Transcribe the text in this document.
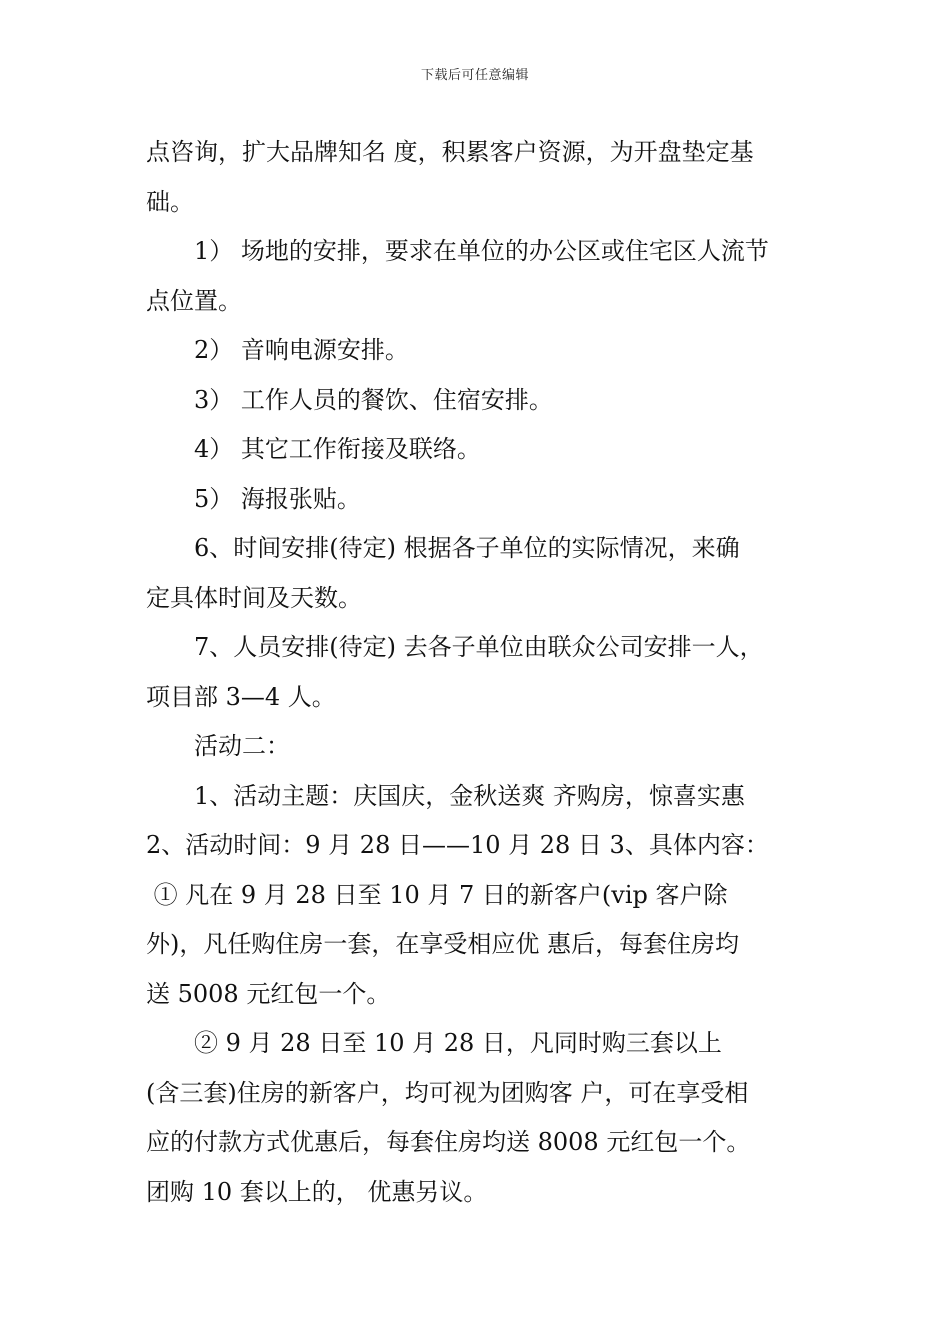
下载后可任意编辑
点咨询，扩大品牌知名 度，积累客户资源，为开盘垫定基
础。
1） 场地的安排，要求在单位的办公区或住宅区人流节
点位置。
2） 音响电源安排。
3） 工作人员的餐饮、住宿安排。
4） 其它工作衔接及联络。
5） 海报张贴。
6、时间安排(待定) 根据各子单位的实际情况，来确
定具体时间及天数。
7、人员安排(待定) 去各子单位由联众公司安排一人，
项目部 3—4 人。
活动二：
1、活动主题：庆国庆，金秋送爽 齐购房，惊喜实惠
2、活动时间：9 月 28 日——10 月 28 日 3、具体内容：
① 凡在 9 月 28 日至 10 月 7 日的新客户(vip 客户除
外)，凡任购住房一套，在享受相应优 惠后，每套住房均
送 5008 元红包一个。
② 9 月 28 日至 10 月 28 日，凡同时购三套以上
(含三套)住房的新客户，均可视为团购客 户，可在享受相
应的付款方式优惠后，每套住房均送 8008 元红包一个。
团购 10 套以上的， 优惠另议。
